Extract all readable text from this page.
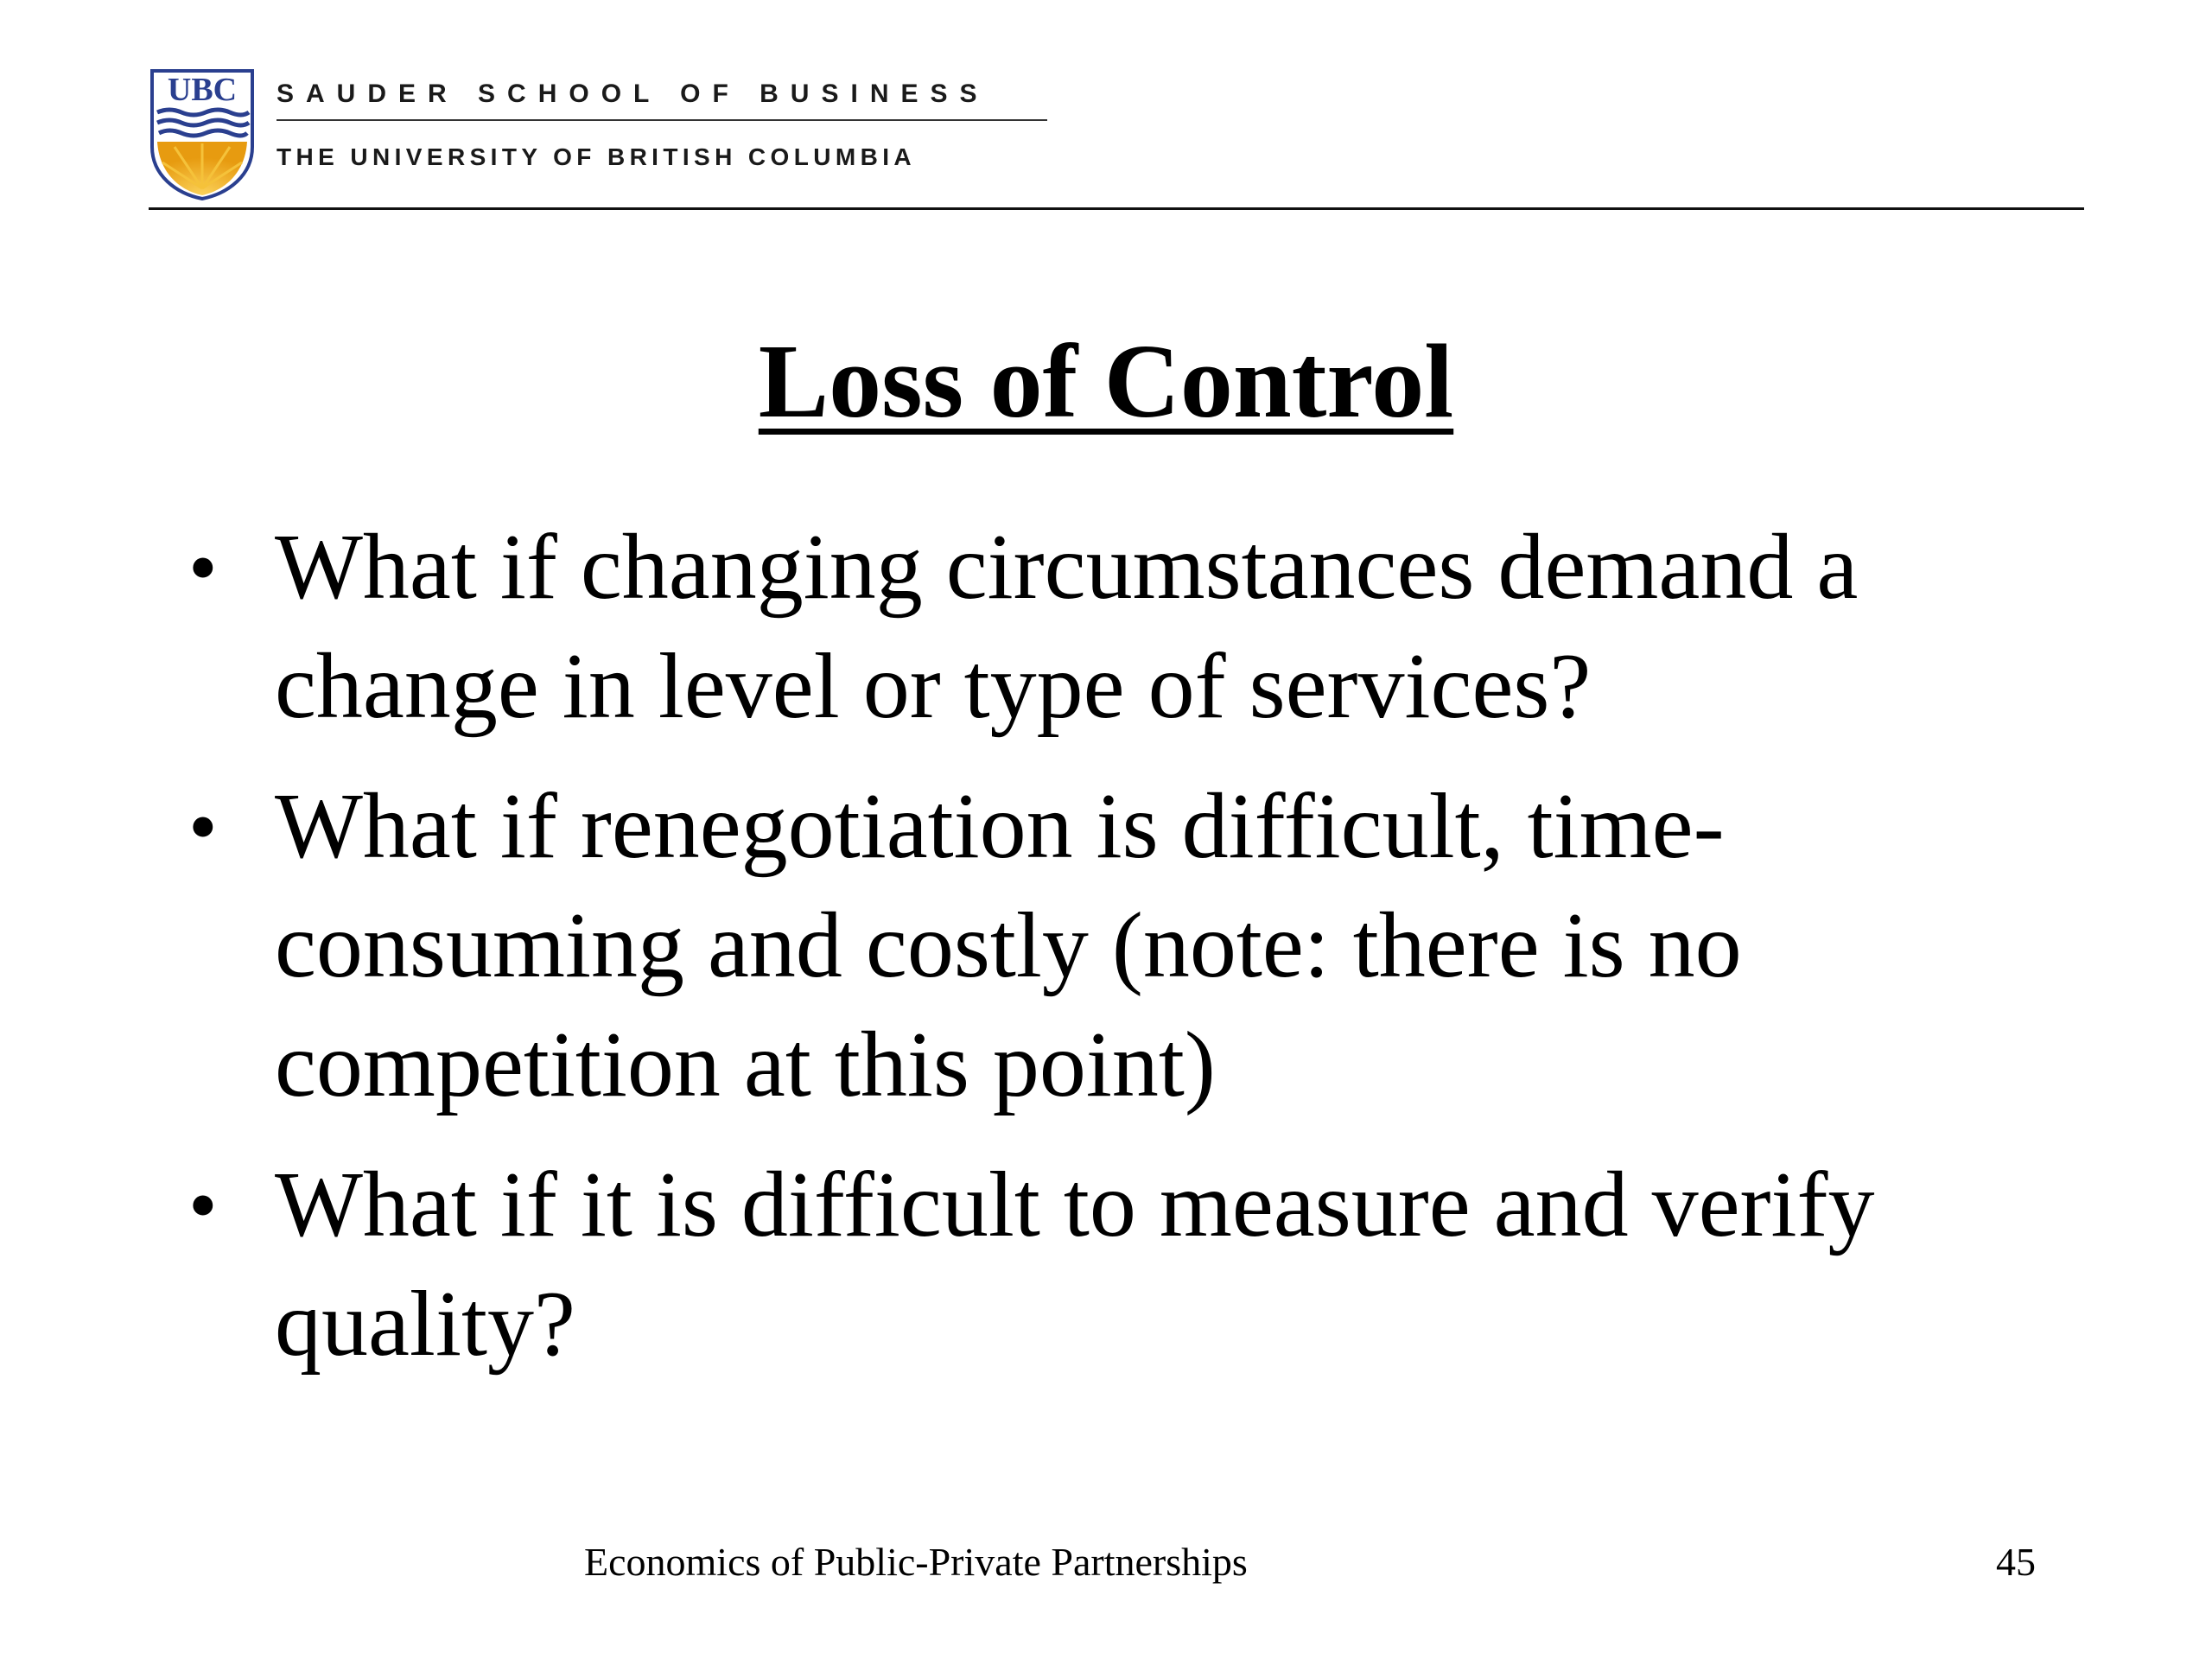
UBC SAUDER SCHOOL OF BUSINESS
THE UNIVERSITY OF BRITISH COLUMBIA
Loss of Control
• What if changing circumstances demand a change in level or type of services?
• What if renegotiation is difficult, time-consuming and costly (note: there is no competition at this point)
• What if it is difficult to measure and verify quality?
Economics of Public-Private Partnerships	45
